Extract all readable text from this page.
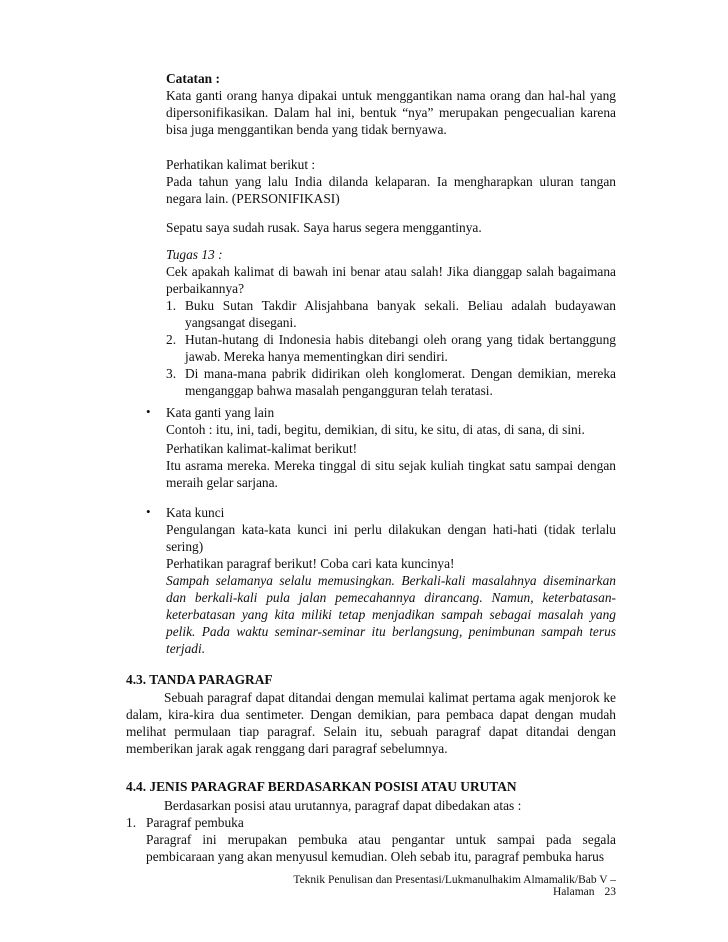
Catatan :

Kata ganti orang hanya dipakai untuk menggantikan nama orang dan hal-hal yang dipersonifikasikan. Dalam hal ini, bentuk “nya” merupakan pengecualian karena bisa juga menggantikan benda yang tidak bernyawa.

Perhatikan kalimat berikut :

Pada tahun yang lalu India dilanda kelaparan. Ia mengharapkan uluran tangan negara lain. (PERSONIFIKASI)

Sepatu saya sudah rusak. Saya harus segera menggantinya.

Tugas 13 :

Cek apakah kalimat di bawah ini benar atau salah! Jika dianggap salah bagaimana perbaikannya?

1. Buku Sutan Takdir Alisjahbana banyak sekali. Beliau adalah budayawan yangsangat disegani.
2. Hutan-hutang di Indonesia habis ditebangi oleh orang yang tidak bertanggung jawab. Mereka hanya mementingkan diri sendiri.
3. Di mana-mana pabrik didirikan oleh konglomerat. Dengan demikian, mereka menganggap bahwa masalah pengangguran telah teratasi.
• Kata ganti yang lain

Contoh : itu, ini, tadi, begitu, demikian, di situ, ke situ, di atas, di sana, di sini.

Perhatikan kalimat-kalimat berikut!

Itu asrama mereka. Mereka tinggal di situ sejak kuliah tingkat satu sampai dengan meraih gelar sarjana.

• Kata kunci

Pengulangan kata-kata kunci ini perlu dilakukan dengan hati-hati (tidak terlalu sering)

Perhatikan paragraf berikut! Coba cari kata kuncinya!

Sampah selamanya selalu memusingkan. Berkali-kali masalahnya diseminarkan dan berkali-kali pula jalan pemecahannya dirancang. Namun, keterbatasan-keterbatasan yang kita miliki tetap menjadikan sampah sebagai masalah yang pelik. Pada waktu seminar-seminar itu berlangsung, penimbunan sampah terus terjadi.

4.3. TANDA PARAGRAF

Sebuah paragraf dapat ditandai dengan memulai kalimat pertama agak menjorok ke dalam, kira-kira dua sentimeter. Dengan demikian, para pembaca dapat dengan mudah melihat permulaan tiap paragraf. Selain itu, sebuah paragraf dapat ditandai dengan memberikan jarak agak renggang dari paragraf sebelumnya.

4.4. JENIS PARAGRAF BERDASARKAN POSISI ATAU URUTAN

Berdasarkan posisi atau urutannya, paragraf dapat dibedakan atas :

1. Paragraf pembuka

Paragraf ini merupakan pembuka atau pengantar untuk sampai pada segala pembicaraan yang akan menyusul kemudian. Oleh sebab itu, paragraf pembuka harus

Teknik Penulisan dan Presentasi/Lukmanulhakim Almamalik/Bab V –Halaman 23
